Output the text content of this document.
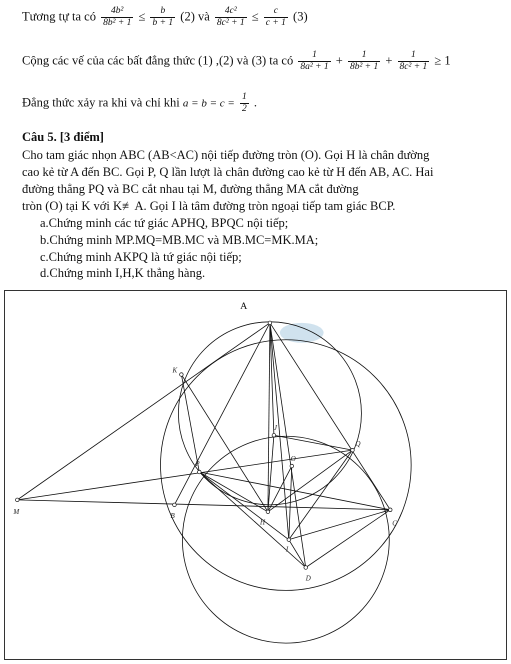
Tương tự ta có $\frac{\text{4b²}}{\text{8b² + 1}} \le \frac{b}{b + 1} (2)$ và $\frac{\text{4c²}}{\text{8c² + 1}} \le \frac{c}{c + 1} (3)$
Cộng các vế của các bất đẳng thức (1) ,(2) và (3) ta có $\frac{1}{\text{8a² + 1}} + \frac{1}{\text{8b² + 1}} + \frac{1}{\text{8c² + 1}} \ge 1$
Đẳng thức xảy ra khi và chỉ khi $a = b = c = \frac{1}{2}$ .
Câu 5. [3 điểm]
Cho tam giác nhọn ABC (AB<AC) nội tiếp đường tròn (O). Gọi H là chân đường
cao kẻ từ A đến BC. Gọi P, Q lần lượt là chân đường cao kẻ từ H đến AB, AC. Hai
đường thẳng PQ và BC cắt nhau tại M, đường thẳng MA cắt đường
tròn (O) tại K với K≢A. Gọi I là tâm đường tròn ngoại tiếp tam giác BCP.
a.Chứng minh các tứ giác APHQ, BPQC nội tiếp;
b.Chứng minh MP.MQ=MB.MC và MB.MC=MK.MA;
c.Chứng minh AKPQ là tứ giác nội tiếp;
d.Chứng minh I,H,K thẳng hàng.
A
K
J
O
Q
P
M	B
H	C
I
D
